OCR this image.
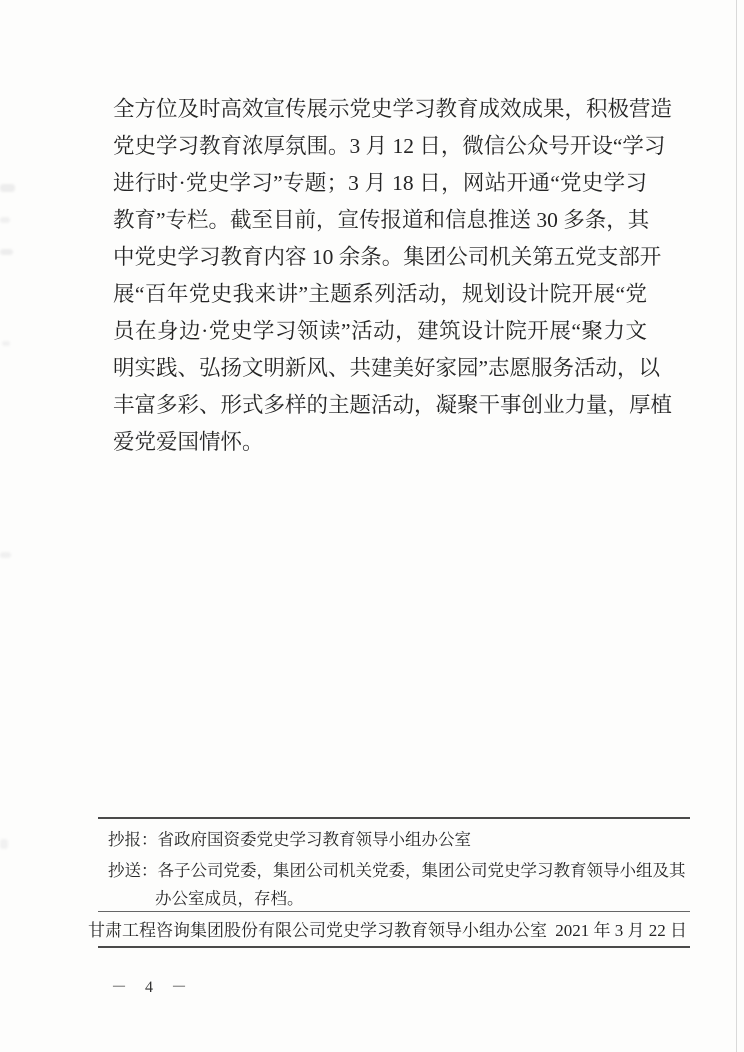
全方位及时高效宣传展示党史学习教育成效成果，积极营造
党史学习教育浓厚氛围。3 月 12 日，微信公众号开设“学习
进行时·党史学习”专题；3 月 18 日，网站开通“党史学习
教育”专栏。截至目前，宣传报道和信息推送 30 多条，其
中党史学习教育内容 10 余条。集团公司机关第五党支部开
展“百年党史我来讲”主题系列活动，规划设计院开展“党
员在身边·党史学习领读”活动，建筑设计院开展“聚力文
明实践、弘扬文明新风、共建美好家园”志愿服务活动，以
丰富多彩、形式多样的主题活动，凝聚干事创业力量，厚植
爱党爱国情怀。
抄报：省政府国资委党史学习教育领导小组办公室
抄送：各子公司党委，集团公司机关党委，集团公司党史学习教育领导小组及其
办公室成员，存档。
甘肃工程咨询集团股份有限公司党史学习教育领导小组办公室 2021 年 3 月 22 日
－ 4 －
